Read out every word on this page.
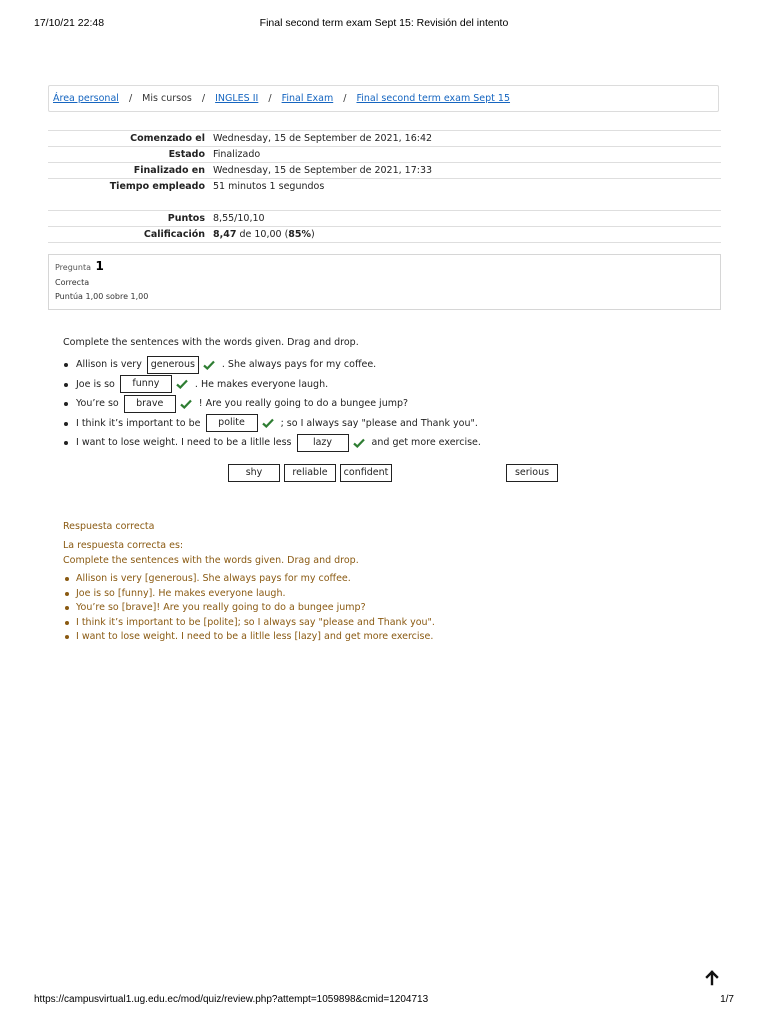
17/10/21 22:48	Final second term exam Sept 15: Revisión del intento
Área personal / Mis cursos / INGLES II / Final Exam / Final second term exam Sept 15
Comenzado el	Wednesday, 15 de September de 2021, 16:42
Estado	Finalizado
Finalizado en	Wednesday, 15 de September de 2021, 17:33
Tiempo empleado	51 minutos 1 segundos
Puntos	8,55/10,10
Calificación	8,47 de 10,00 (85%)
Pregunta 1
Correcta
Puntúa 1,00 sobre 1,00
Complete the sentences with the words given. Drag and drop.
Allison is very generous	. She always pays for my coffee.
Joe is so funny	. He makes everyone laugh.
You’re so brave	! Are you really going to do a bungee jump?
I think it’s important to be polite	; so I always say "please and Thank you".
I want to lose weight. I need to be a litlle less lazy	and get more exercise.
shy	reliable	confident	serious
Respuesta correcta
La respuesta correcta es:
Complete the sentences with the words given. Drag and drop.
Allison is very [generous]. She always pays for my coffee.
Joe is so [funny]. He makes everyone laugh.
You’re so [brave]! Are you really going to do a bungee jump?
I think it’s important to be [polite]; so I always say "please and Thank you".
I want to lose weight. I need to be a litlle less [lazy] and get more exercise.
https://campusvirtual1.ug.edu.ec/mod/quiz/review.php?attempt=1059898&cmid=1204713	1/7
